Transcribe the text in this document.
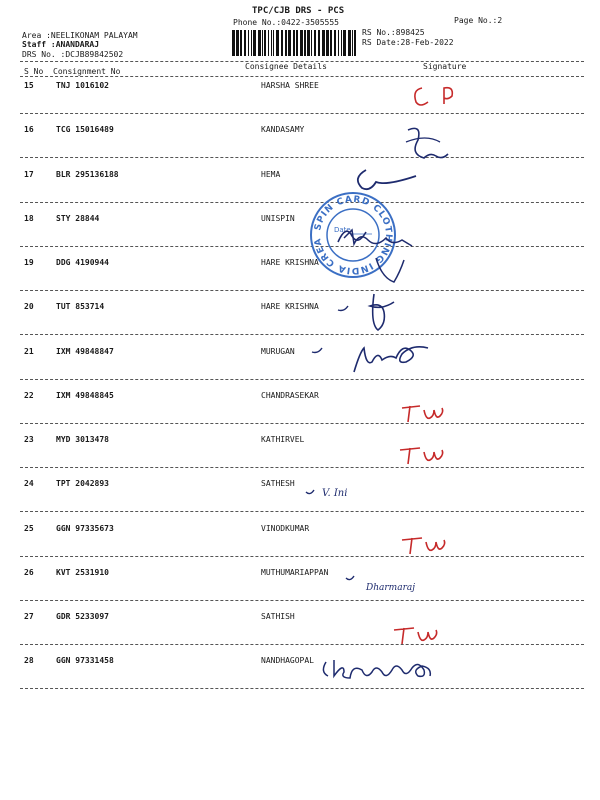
TPC/CJB DRS - PCS
Phone No.:0422-3505555	Page No.:2
Area :NEELIKONAM PALAYAM
Staff :ANANDARAJ
DRS No. :DCJB89842502
RS No.:898425
RS Date:28-Feb-2022
S No Consignment No
Consignee Details	Signature
15	TNJ 1016102	HARSHA SHREE
16	TCG 15016489	KANDASAMY
17	BLR 295136188	HEMA
18	STY 28844	UNISPIN
19	DDG 4190944	HARE KRISHNA
20	TUT 853714	HARE KRISHNA
21	IXM 49848847	MURUGAN
22	IXM 49848845	CHANDRASEKAR
23	MYD 3013478	KATHIRVEL
24	TPT 2042893	SATHESH
25	GGN 97335673	VINODKUMAR
26	KVT 2531910	MUTHUMARIAPPAN
27	GDR 5233097	SATHISH
28	GGN 97331458	NANDHAGOPAL
SPIN CARD CLOTHING INDIA CREA
Date
V. Ini
Dharmaraj
